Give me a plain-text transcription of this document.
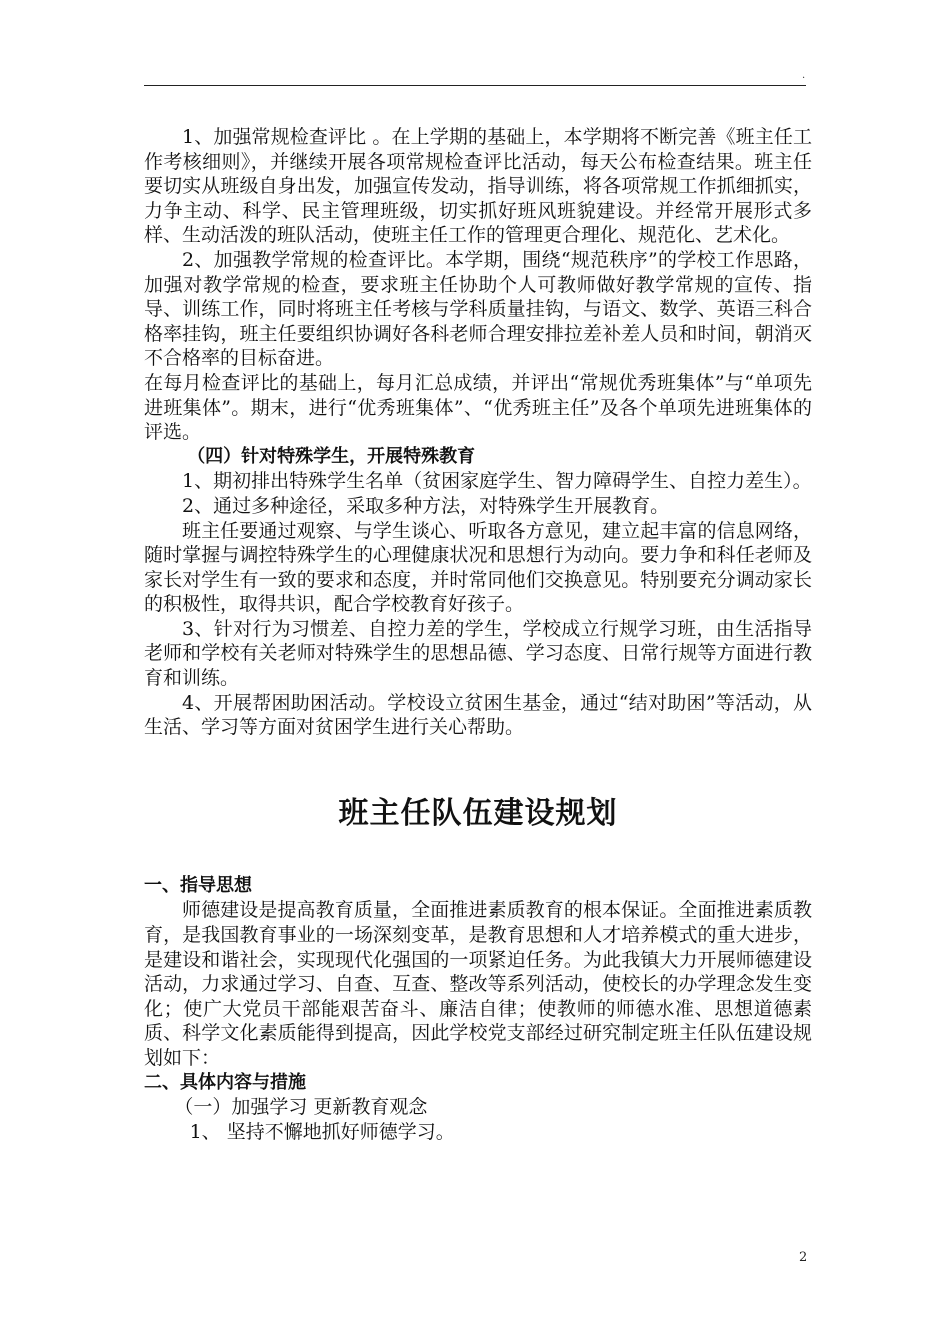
.

1、加强常规检查评比 。在上学期的基础上，本学期将不断完善《班主任工作考核细则》，并继续开展各项常规检查评比活动，每天公布检查结果。班主任要切实从班级自身出发，加强宣传发动，指导训练，将各项常规工作抓细抓实，力争主动、科学、民主管理班级，切实抓好班风班貌建设。并经常开展形式多样、生动活泼的班队活动，使班主任工作的管理更合理化、规范化、艺术化。

2、加强教学常规的检查评比。本学期，围绕“规范秩序”的学校工作思路，加强对教学常规的检查，要求班主任协助个人可教师做好教学常规的宣传、指导、训练工作，同时将班主任考核与学科质量挂钩，与语文、数学、英语三科合格率挂钩，班主任要组织协调好各科老师合理安排拉差补差人员和时间，朝消灭不合格率的目标奋进。

在每月检查评比的基础上，每月汇总成绩，并评出“常规优秀班集体”与“单项先进班集体”。期末，进行“优秀班集体”、“优秀班主任”及各个单项先进班集体的评选。

（四）针对特殊学生，开展特殊教育

1、期初排出特殊学生名单（贫困家庭学生、智力障碍学生、自控力差生）。

2、通过多种途径，采取多种方法，对特殊学生开展教育。

班主任要通过观察、与学生谈心、听取各方意见，建立起丰富的信息网络，随时掌握与调控特殊学生的心理健康状况和思想行为动向。要力争和科任老师及家长对学生有一致的要求和态度，并时常同他们交换意见。特别要充分调动家长的积极性，取得共识，配合学校教育好孩子。

3、针对行为习惯差、自控力差的学生，学校成立行规学习班，由生活指导老师和学校有关老师对特殊学生的思想品德、学习态度、日常行规等方面进行教育和训练。

4、开展帮困助困活动。学校设立贫困生基金，通过“结对助困”等活动，从生活、学习等方面对贫困学生进行关心帮助。

班主任队伍建设规划

一、指导思想

师德建设是提高教育质量，全面推进素质教育的根本保证。全面推进素质教育，是我国教育事业的一场深刻变革，是教育思想和人才培养模式的重大进步，是建设和谐社会，实现现代化强国的一项紧迫任务。为此我镇大力开展师德建设活动，力求通过学习、自查、互查、整改等系列活动，使校长的办学理念发生变化；使广大党员干部能艰苦奋斗、廉洁自律；使教师的师德水准、思想道德素质、科学文化素质能得到提高，因此学校党支部经过研究制定班主任队伍建设规划如下：

二、具体内容与措施

（一）加强学习 更新教育观念

1、 坚持不懈地抓好师德学习。

2
